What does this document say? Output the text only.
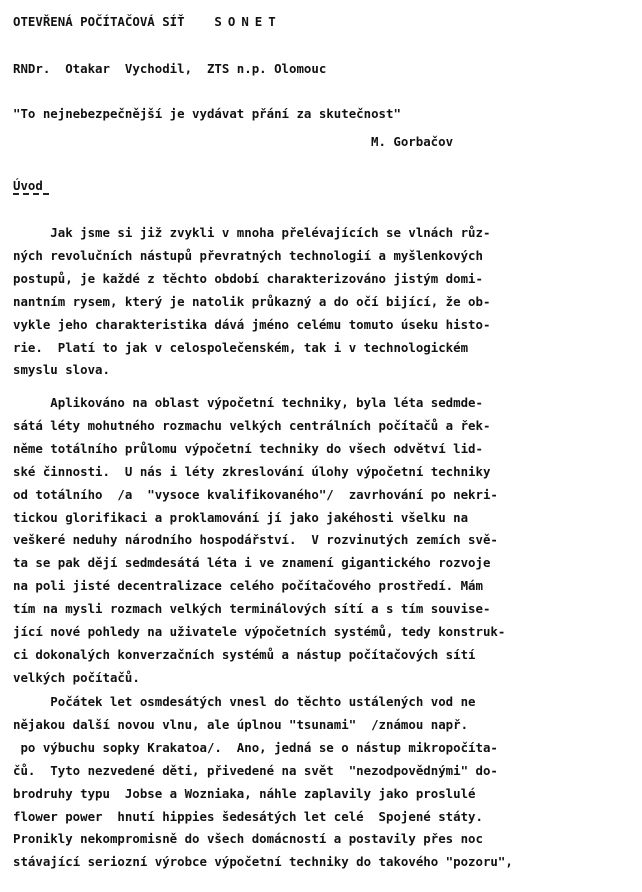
OTEVŘENÁ POČÍTAČOVÁ SÍŤ SONET
RNDr.  Otakar  Vychodil,  ZTS n.p. Olomouc
"To nejnebezpečnější je vydávat přání za skutečnost"
M. Gorbačov
Úvod
Jak jsme si již zvykli v mnoha přelévajících se vlnách růz-
ných revolučních nástupů převratných technologií a myšlenkových
postupů, je každé z těchto období charakterizováno jistým domi-
nantním rysem, který je natolik průkazný a do očí bijící, že ob-
vykle jeho charakteristika dává jméno celému tomuto úseku histo-
rie.  Platí to jak v celospolečenském, tak i v technologickém
smyslu slova.
Aplikováno na oblast výpočetní techniky, byla léta sedmde-
sátá léty mohutného rozmachu velkých centrálních počítačů a řek-
něme totálního průlomu výpočetní techniky do všech odvětví lid-
ské činnosti.  U nás i léty zkreslování úlohy výpočetní techniky
od totálního  /a  "vysoce kvalifikovaného"/  zavrhování po nekri-
tickou glorifikaci a proklamování jí jako jakéhosti všelku na
veškeré neduhy národního hospodářství.  V rozvinutých zemích svě-
ta se pak dějí sedmdesátá léta i ve znamení gigantického rozvoje
na poli jisté decentralizace celého počítačového prostředí. Mám
tím na mysli rozmach velkých terminálových sítí a s tím souvise-
jící nové pohledy na uživatele výpočetních systémů, tedy konstruk-
ci dokonalých konverzačních systémů a nástup počítačových sítí
velkých počítačů.
Počátek let osmdesátých vnesl do těchto ustálených vod ne
nějakou další novou vlnu, ale úplnou "tsunami"  /známou např.
po výbuchu sopky Krakatoa/.  Ano, jedná se o nástup mikropočíta-
čů.  Tyto nezvedené děti, přivedené na svět  "nezodpovědnými" do-
brodruhy typu  Jobse a Wozniaka, náhle zaplavily jako proslulé
flower power  hnutí hippies šedesátých let celé  Spojené státy.
Pronikly nekompromisně do všech domácností a postavily přes noc
stávající seriozní výrobce výpočetní techniky do takového "pozoru",
